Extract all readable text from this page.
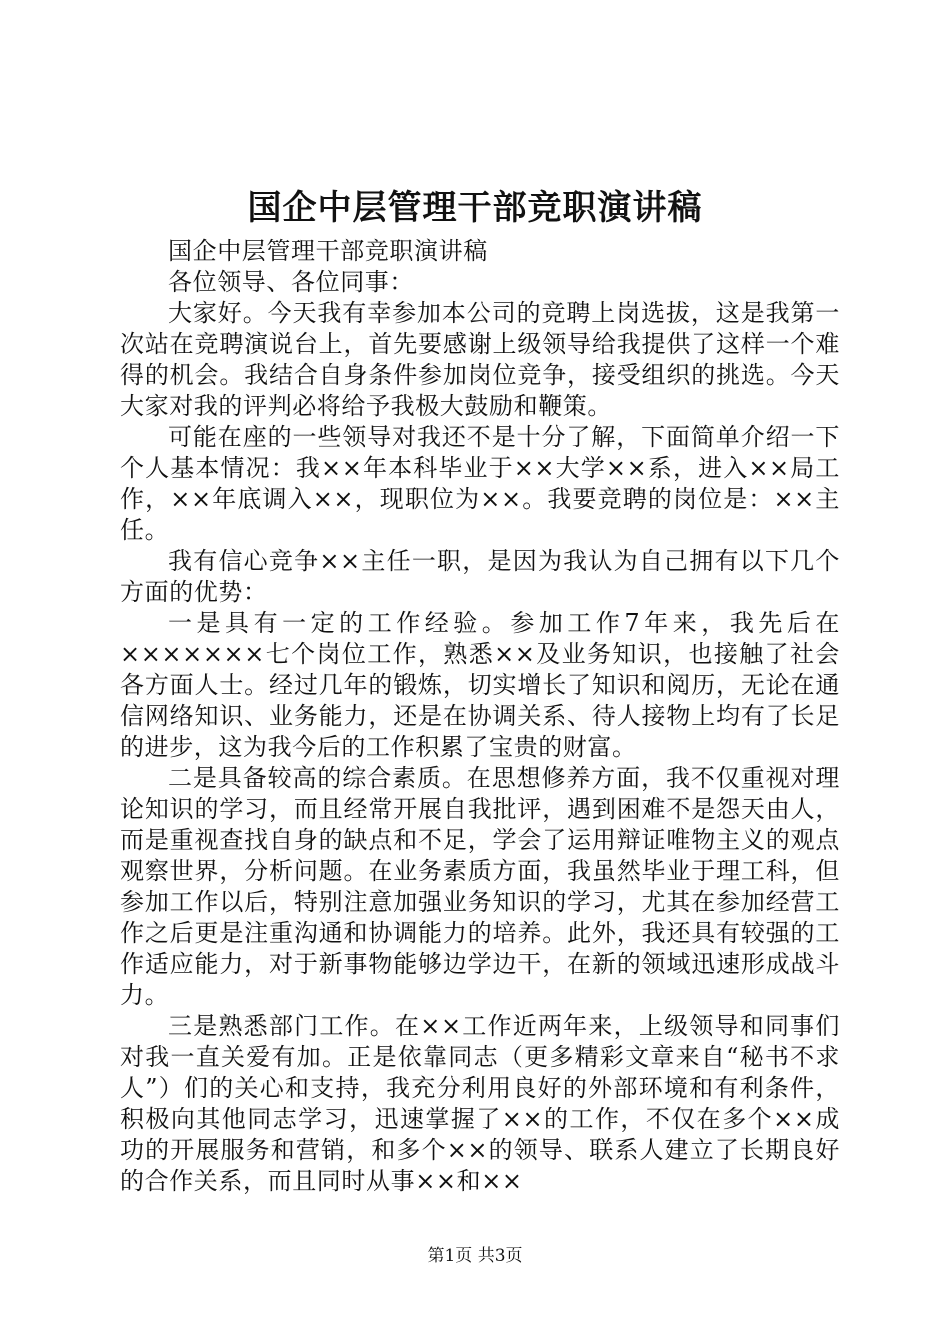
国企中层管理干部竞职演讲稿

国企中层管理干部竞职演讲稿

各位领导、各位同事：

大家好。今天我有幸参加本公司的竞聘上岗选拔，这是我第一次站在竞聘演说台上，首先要感谢上级领导给我提供了这样一个难得的机会。我结合自身条件参加岗位竞争，接受组织的挑选。今天大家对我的评判必将给予我极大鼓励和鞭策。

可能在座的一些领导对我还不是十分了解，下面简单介绍一下个人基本情况：我××年本科毕业于××大学××系，进入××局工作，××年底调入××，现职位为××。我要竞聘的岗位是：××主任。

我有信心竞争××主任一职，是因为我认为自己拥有以下几个方面的优势：

一是具有一定的工作经验。参加工作7年来，我先后在×××××××七个岗位工作，熟悉××及业务知识，也接触了社会各方面人士。经过几年的锻炼，切实增长了知识和阅历，无论在通信网络知识、业务能力，还是在协调关系、待人接物上均有了长足的进步，这为我今后的工作积累了宝贵的财富。

二是具备较高的综合素质。在思想修养方面，我不仅重视对理论知识的学习，而且经常开展自我批评，遇到困难不是怨天由人，而是重视查找自身的缺点和不足，学会了运用辩证唯物主义的观点观察世界，分析问题。在业务素质方面，我虽然毕业于理工科，但参加工作以后，特别注意加强业务知识的学习，尤其在参加经营工作之后更是注重沟通和协调能力的培养。此外，我还具有较强的工作适应能力，对于新事物能够边学边干，在新的领域迅速形成战斗力。

三是熟悉部门工作。在××工作近两年来，上级领导和同事们对我一直关爱有加。正是依靠同志（更多精彩文章来自“秘书不求人”）们的关心和支持，我充分利用良好的外部环境和有利条件，积极向其他同志学习，迅速掌握了××的工作，不仅在多个××成功的开展服务和营销，和多个××的领导、联系人建立了长期良好的合作关系，而且同时从事××和××

第1页 共3页
